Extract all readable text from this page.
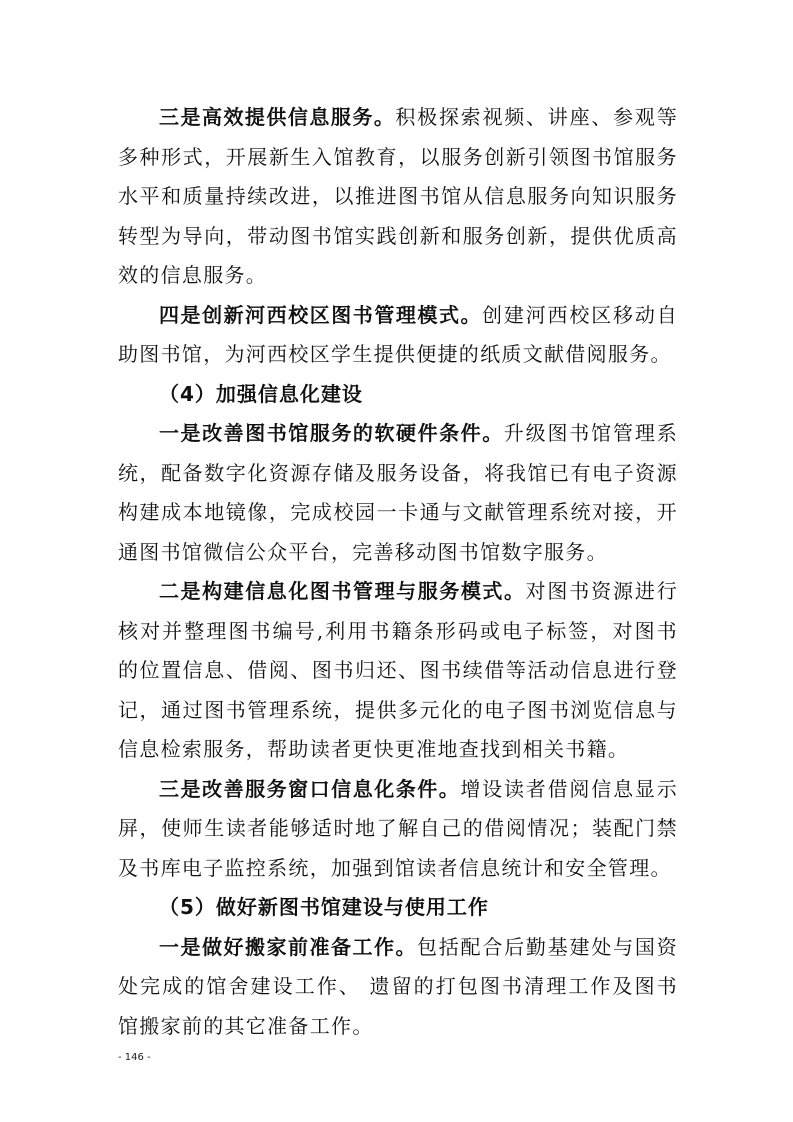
三是高效提供信息服务。积极探索视频、讲座、参观等多种形式，开展新生入馆教育，以服务创新引领图书馆服务水平和质量持续改进，以推进图书馆从信息服务向知识服务转型为导向，带动图书馆实践创新和服务创新，提供优质高效的信息服务。

四是创新河西校区图书管理模式。创建河西校区移动自助图书馆，为河西校区学生提供便捷的纸质文献借阅服务。

（4）加强信息化建设

一是改善图书馆服务的软硬件条件。升级图书馆管理系统，配备数字化资源存储及服务设备，将我馆已有电子资源构建成本地镜像，完成校园一卡通与文献管理系统对接，开通图书馆微信公众平台，完善移动图书馆数字服务。

二是构建信息化图书管理与服务模式。对图书资源进行核对并整理图书编号,利用书籍条形码或电子标签，对图书的位置信息、借阅、图书归还、图书续借等活动信息进行登记，通过图书管理系统，提供多元化的电子图书浏览信息与信息检索服务，帮助读者更快更准地查找到相关书籍。

三是改善服务窗口信息化条件。增设读者借阅信息显示屏，使师生读者能够适时地了解自己的借阅情况；装配门禁及书库电子监控系统，加强到馆读者信息统计和安全管理。

（5）做好新图书馆建设与使用工作

一是做好搬家前准备工作。包括配合后勤基建处与国资处完成的馆舍建设工作、 遗留的打包图书清理工作及图书馆搬家前的其它准备工作。

- 146 -
